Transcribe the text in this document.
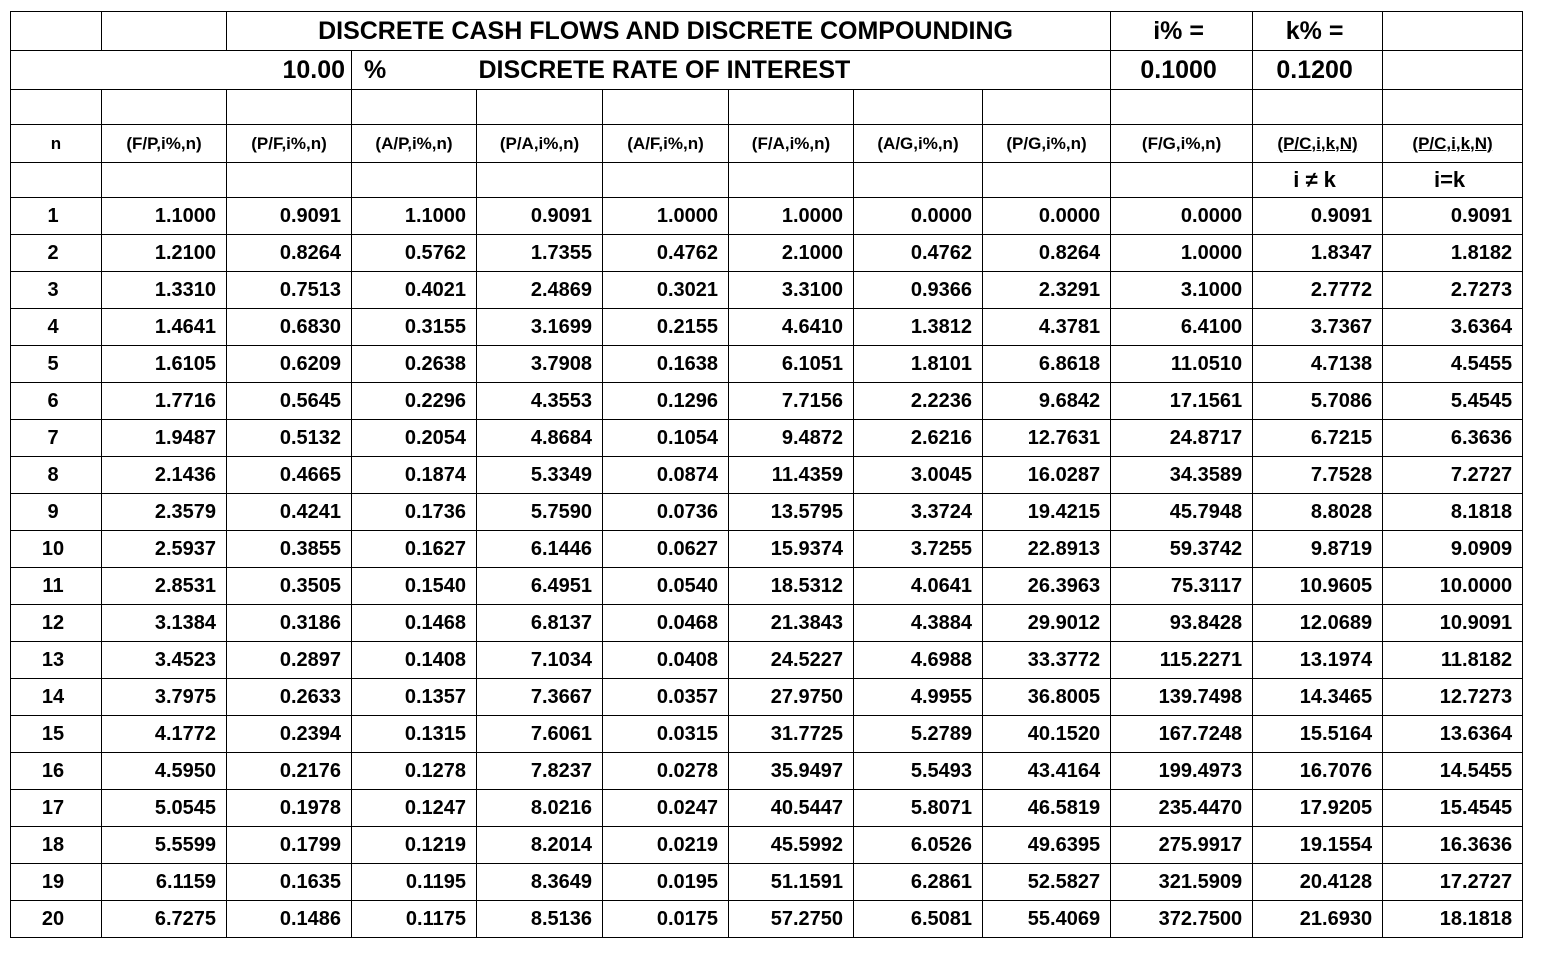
		DISCRETE CASH FLOWS AND DISCRETE COMPOUNDING							i% =	k% =	
		10.00	%	DISCRETE RATE OF INTEREST					0.1000	0.1200	

n	(F/P,i%,n)	(P/F,i%,n)	(A/P,i%,n)	(P/A,i%,n)	(A/F,i%,n)	(F/A,i%,n)	(A/G,i%,n)	(P/G,i%,n)	(F/G,i%,n)	(P/C,i,k,N)	(P/C,i,k,N)
										i ≠ k	i=k
1	1.1000	0.9091	1.1000	0.9091	1.0000	1.0000	0.0000	0.0000	0.0000	0.9091	0.9091
2	1.2100	0.8264	0.5762	1.7355	0.4762	2.1000	0.4762	0.8264	1.0000	1.8347	1.8182
3	1.3310	0.7513	0.4021	2.4869	0.3021	3.3100	0.9366	2.3291	3.1000	2.7772	2.7273
4	1.4641	0.6830	0.3155	3.1699	0.2155	4.6410	1.3812	4.3781	6.4100	3.7367	3.6364
5	1.6105	0.6209	0.2638	3.7908	0.1638	6.1051	1.8101	6.8618	11.0510	4.7138	4.5455
6	1.7716	0.5645	0.2296	4.3553	0.1296	7.7156	2.2236	9.6842	17.1561	5.7086	5.4545
7	1.9487	0.5132	0.2054	4.8684	0.1054	9.4872	2.6216	12.7631	24.8717	6.7215	6.3636
8	2.1436	0.4665	0.1874	5.3349	0.0874	11.4359	3.0045	16.0287	34.3589	7.7528	7.2727
9	2.3579	0.4241	0.1736	5.7590	0.0736	13.5795	3.3724	19.4215	45.7948	8.8028	8.1818
10	2.5937	0.3855	0.1627	6.1446	0.0627	15.9374	3.7255	22.8913	59.3742	9.8719	9.0909
11	2.8531	0.3505	0.1540	6.4951	0.0540	18.5312	4.0641	26.3963	75.3117	10.9605	10.0000
12	3.1384	0.3186	0.1468	6.8137	0.0468	21.3843	4.3884	29.9012	93.8428	12.0689	10.9091
13	3.4523	0.2897	0.1408	7.1034	0.0408	24.5227	4.6988	33.3772	115.2271	13.1974	11.8182
14	3.7975	0.2633	0.1357	7.3667	0.0357	27.9750	4.9955	36.8005	139.7498	14.3465	12.7273
15	4.1772	0.2394	0.1315	7.6061	0.0315	31.7725	5.2789	40.1520	167.7248	15.5164	13.6364
16	4.5950	0.2176	0.1278	7.8237	0.0278	35.9497	5.5493	43.4164	199.4973	16.7076	14.5455
17	5.0545	0.1978	0.1247	8.0216	0.0247	40.5447	5.8071	46.5819	235.4470	17.9205	15.4545
18	5.5599	0.1799	0.1219	8.2014	0.0219	45.5992	6.0526	49.6395	275.9917	19.1554	16.3636
19	6.1159	0.1635	0.1195	8.3649	0.0195	51.1591	6.2861	52.5827	321.5909	20.4128	17.2727
20	6.7275	0.1486	0.1175	8.5136	0.0175	57.2750	6.5081	55.4069	372.7500	21.6930	18.1818
